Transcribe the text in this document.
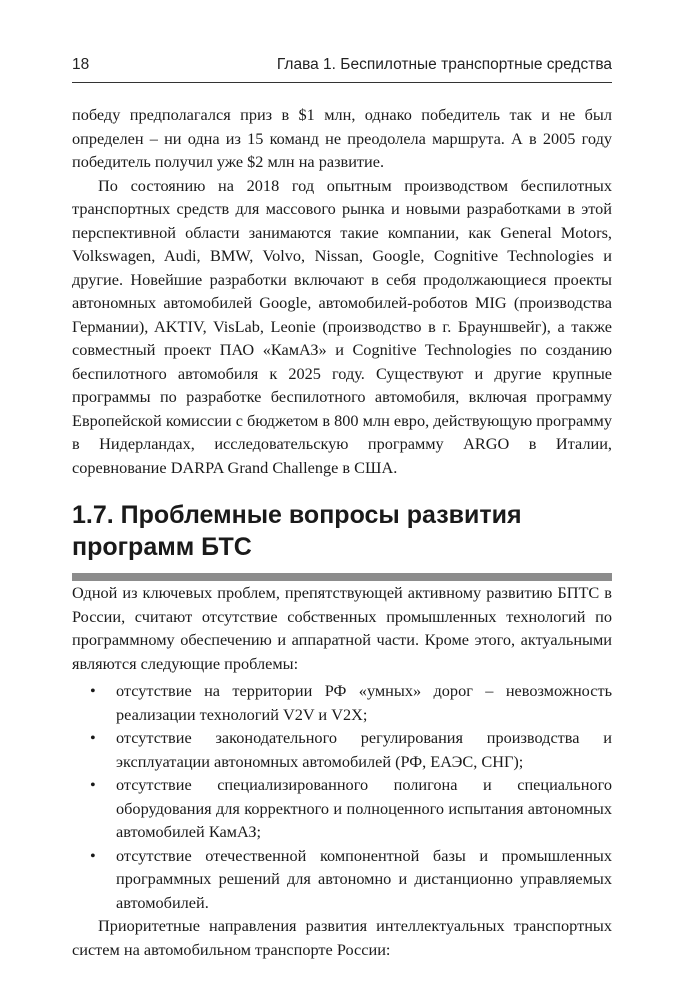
18	Глава 1. Беспилотные транспортные средства

победу предполагался приз в $1 млн, однако победитель так и не был определен – ни одна из 15 команд не преодолела маршрута. А в 2005 году победитель получил уже $2 млн на развитие.

По состоянию на 2018 год опытным производством беспилотных транспортных средств для массового рынка и новыми разработками в этой перспективной области занимаются такие компании, как General Motors, Volkswagen, Audi, BMW, Volvo, Nissan, Google, Cognitive Technologies и другие. Новейшие разработки включают в себя продолжающиеся проекты автономных автомобилей Google, автомобилей-роботов MIG (производства Германии), AKTIV, VisLab, Leonie (производство в г. Брауншвейг), а также совместный проект ПАО «КамАЗ» и Cognitive Technologies по созданию беспилотного автомобиля к 2025 году. Существуют и другие крупные программы по разработке беспилотного автомобиля, включая программу Европейской комиссии с бюджетом в 800 млн евро, действующую программу в Нидерландах, исследовательскую программу ARGO в Италии, соревнование DARPA Grand Challenge в США.

1.7. Проблемные вопросы развития
программ БТС

Одной из ключевых проблем, препятствующей активному развитию БПТС в России, считают отсутствие собственных промышленных технологий по программному обеспечению и аппаратной части. Кроме этого, актуальными являются следующие проблемы:

• отсутствие на территории РФ «умных» дорог – невозможность реализации технологий V2V и V2X;
• отсутствие законодательного регулирования производства и эксплуатации автономных автомобилей (РФ, ЕАЭС, СНГ);
• отсутствие специализированного полигона и специального оборудования для корректного и полноценного испытания автономных автомобилей КамАЗ;
• отсутствие отечественной компонентной базы и промышленных программных решений для автономно и дистанционно управляемых автомобилей.

Приоритетные направления развития интеллектуальных транспортных систем на автомобильном транспорте России:
